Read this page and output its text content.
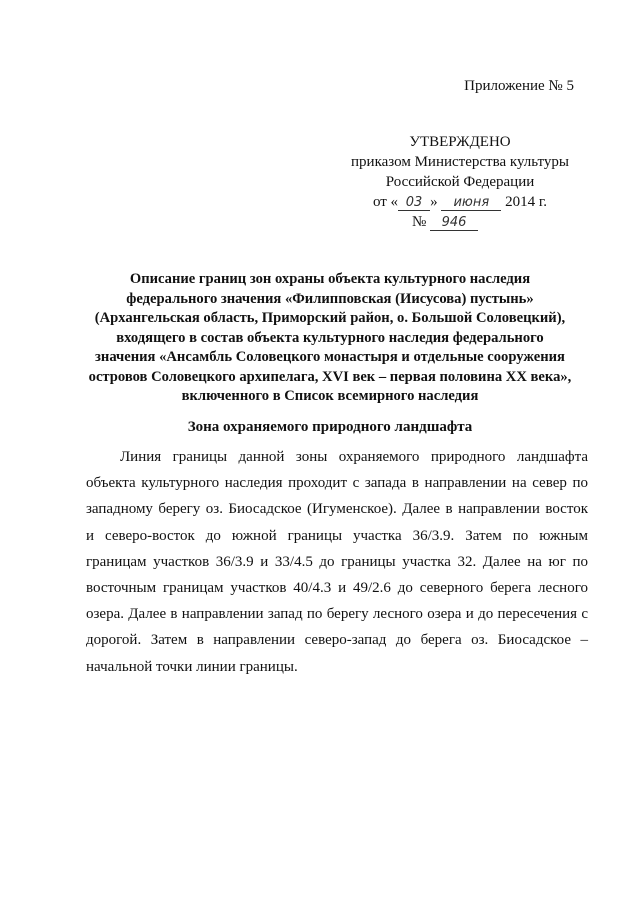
Приложение № 5
УТВЕРЖДЕНО
приказом Министерства культуры
Российской Федерации
от « 03 » июня 2014 г.
№ 946
Описание границ зон охраны объекта культурного наследия
федерального значения «Филипповская (Иисусова) пустынь»
(Архангельская область, Приморский район, о. Большой Соловецкий),
входящего в состав объекта культурного наследия федерального
значения «Ансамбль Соловецкого монастыря и отдельные сооружения
островов Соловецкого архипелага, XVI век – первая половина XX века»,
включенного в Список всемирного наследия
Зона охраняемого природного ландшафта
Линия границы данной зоны охраняемого природного ландшафта
объекта культурного наследия проходит с запада в направлении на север по
западному берегу оз. Биосадское (Игуменское). Далее в направлении восток
и северо-восток до южной границы участка 36/3.9. Затем по южным
границам участков 36/3.9 и 33/4.5 до границы участка 32. Далее на юг по
восточным границам участков 40/4.3 и 49/2.6 до северного берега лесного
озера. Далее в направлении запад по берегу лесного озера и до пересечения с
дорогой. Затем в направлении северо-запад до берега оз. Биосадское –
начальной точки линии границы.
